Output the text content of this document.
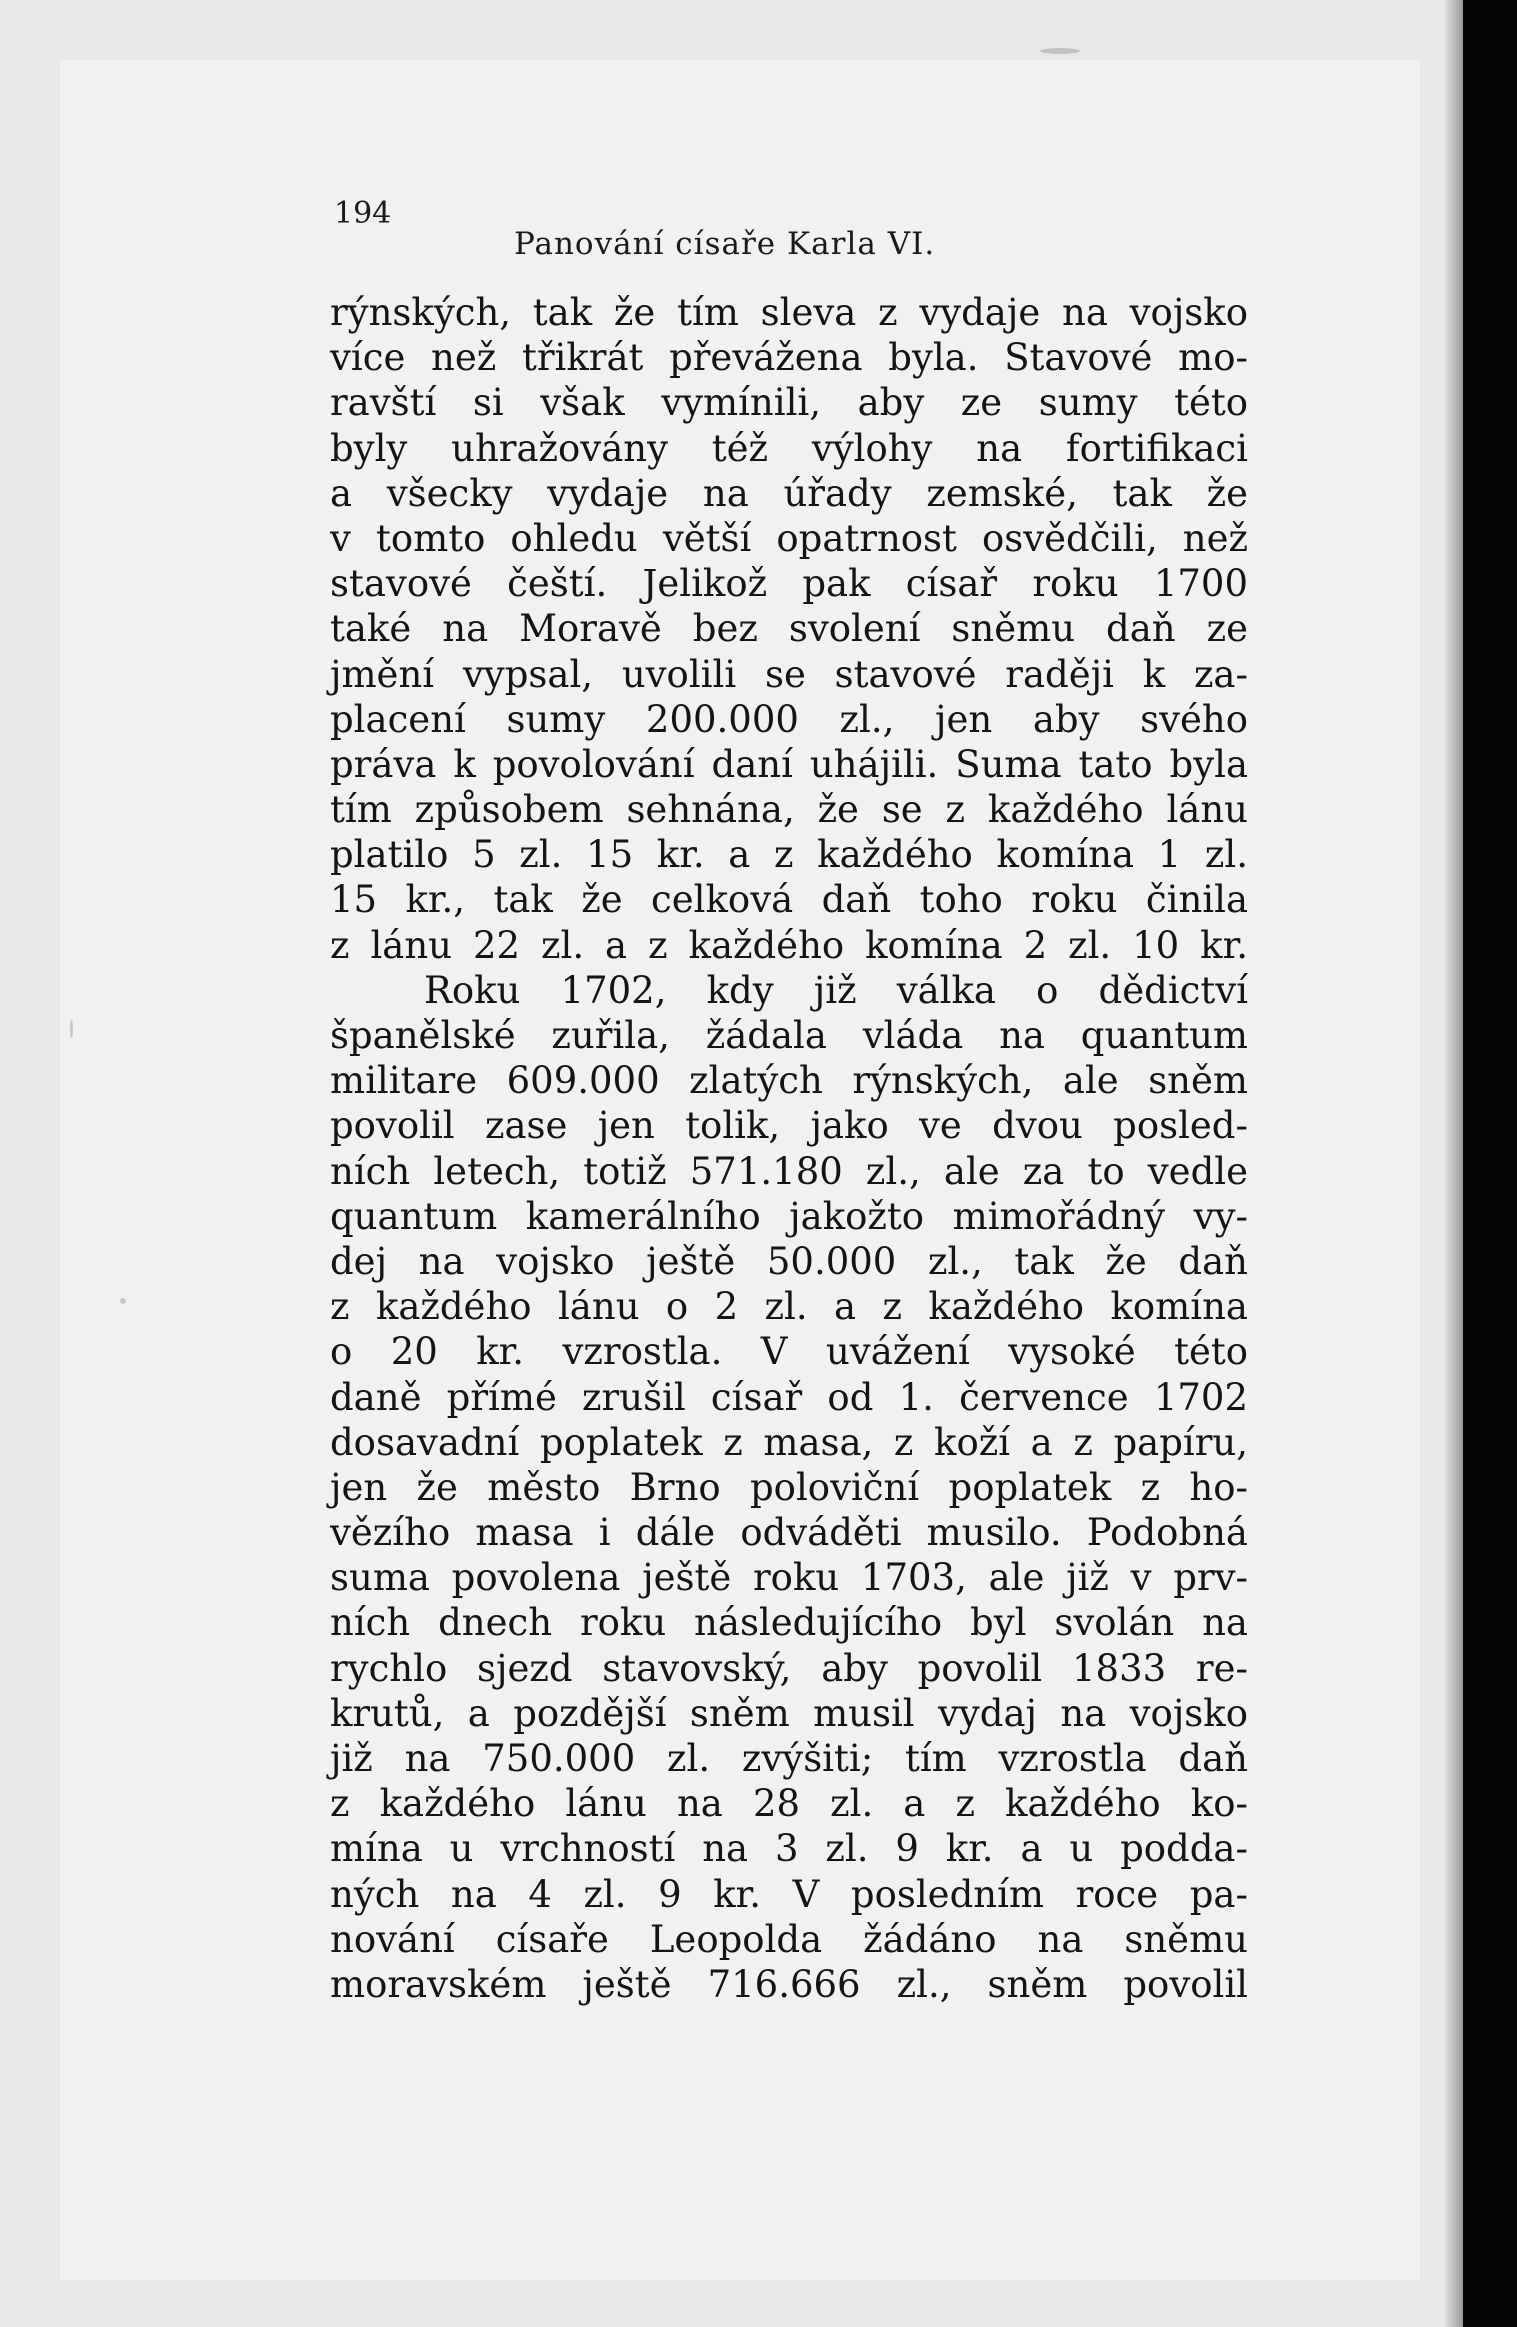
194
Panování císaře Karla VI.
rýnských, tak že tím sleva z vydaje na vojsko
více než třikrát převážena byla. Stavové mo-
ravští si však vymínili, aby ze sumy této
byly uhražovány též výlohy na fortifikaci
a všecky vydaje na úřady zemské, tak že
v tomto ohledu větší opatrnost osvědčili, než
stavové čeští. Jelikož pak císař roku 1700
také na Moravě bez svolení sněmu daň ze
jmění vypsal, uvolili se stavové raději k za-
placení sumy 200.000 zl., jen aby svého
práva k povolování daní uhájili. Suma tato byla
tím způsobem sehnána, že se z každého lánu
platilo 5 zl. 15 kr. a z každého komína 1 zl.
15 kr., tak že celková daň toho roku činila
z lánu 22 zl. a z každého komína 2 zl. 10 kr.
Roku 1702, kdy již válka o dědictví
španělské zuřila, žádala vláda na quantum
militare 609.000 zlatých rýnských, ale sněm
povolil zase jen tolik, jako ve dvou posled-
ních letech, totiž 571.180 zl., ale za to vedle
quantum kamerálního jakožto mimořádný vy-
dej na vojsko ještě 50.000 zl., tak že daň
z každého lánu o 2 zl. a z každého komína
o 20 kr. vzrostla. V uvážení vysoké této
daně přímé zrušil císař od 1. července 1702
dosavadní poplatek z masa, z koží a z papíru,
jen že město Brno poloviční poplatek z ho-
vězího masa i dále odváděti musilo. Podobná
suma povolena ještě roku 1703, ale již v prv-
ních dnech roku následujícího byl svolán na
rychlo sjezd stavovský, aby povolil 1833 re-
krutů, a pozdější sněm musil vydaj na vojsko
již na 750.000 zl. zvýšiti; tím vzrostla daň
z každého lánu na 28 zl. a z každého ko-
mína u vrchností na 3 zl. 9 kr. a u podda-
ných na 4 zl. 9 kr. V posledním roce pa-
nování císaře Leopolda žádáno na sněmu
moravském ještě 716.666 zl., sněm povolil
